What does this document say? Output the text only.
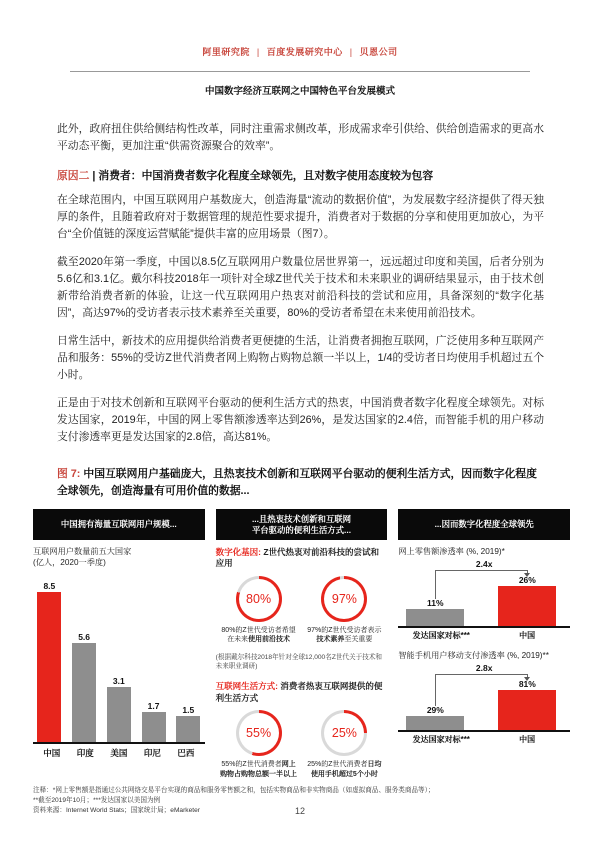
阿里研究院 | 百度发展研究中心 | 贝恩公司
中国数字经济互联网之中国特色平台发展模式

此外，政府扭住供给侧结构性改革，同时注重需求侧改革，形成需求牵引供给、供给创造需求的更高水平动态平衡，更加注重“供需资源聚合的效率”。

原因二 | 消费者：中国消费者数字化程度全球领先，且对数字使用态度较为包容

在全球范围内，中国互联网用户基数庞大，创造海量“流动的数据价值”，为发展数字经济提供了得天独厚的条件，且随着政府对于数据管理的规范性要求提升，消费者对于数据的分享和使用更加放心，为平台“全价值链的深度运营赋能”提供丰富的应用场景（图7）。

截至2020年第一季度，中国以8.5亿互联网用户数量位居世界第一，远远超过印度和美国，后者分别为5.6亿和3.1亿。戴尔科技2018年一项针对全球Z世代关于技术和未来职业的调研结果显示，由于技术创新带给消费者新的体验，让这一代互联网用户热衷对前沿科技的尝试和应用，具备深刻的“数字化基因”，高达97%的受访者表示技术素养至关重要，80%的受访者希望在未来使用前沿技术。

日常生活中，新技术的应用提供给消费者更便捷的生活，让消费者拥抱互联网，广泛使用多种互联网产品和服务：55%的受访Z世代消费者网上购物占购物总额一半以上，1/4的受访者日均使用手机超过五个小时。

正是由于对技术创新和互联网平台驱动的便利生活方式的热衷，中国消费者数字化程度全球领先。对标发达国家，2019年，中国的网上零售额渗透率达到26%，是发达国家的2.4倍，而智能手机的用户移动支付渗透率更是发达国家的2.8倍，高达81%。

图 7: 中国互联网用户基础庞大，且热衷技术创新和互联网平台驱动的便利生活方式，因而数字化程度全球领先，创造海量有可用价值的数据...
中国拥有海量互联网用户规模...
互联网用户数量前五大国家
(亿人，2020一季度)
8.5
5.6
3.1
1.7	1.5
中国	印度	美国	印尼	巴西
...且热衷技术创新和互联网
平台驱动的便利生活方式...
数字化基因: Z世代热衷对前沿科技的尝试和应用
80%
80%的Z世代受访者希望在未来使用前沿技术
97%
97%的Z世代受访者表示技术素养至关重要
(根据戴尔科技2018年针对全球12,000名Z世代关于技术和未来职业调研)
互联网生活方式: 消费者热衷互联网提供的便利生活方式
55%
55%的Z世代消费者网上购物占购物总额一半以上
25%
25%的Z世代消费者日均使用手机超过5个小时
...因而数字化程度全球领先
网上零售额渗透率 (%, 2019)*
2.4x
11%
26%
发达国家对标***	中国
智能手机用户移动支付渗透率 (%, 2019)**
2.8x
29%
81%
发达国家对标***	中国
注释：*网上零售额是指通过公共网络交易平台实现的商品和服务零售额之和，包括实物商品和非实物商品（如虚拟商品、服务类商品等）；
**截至2019年10月；***发达国家以美国为例
资料来源：Internet World Stats；国家统计局；eMarketer	12
